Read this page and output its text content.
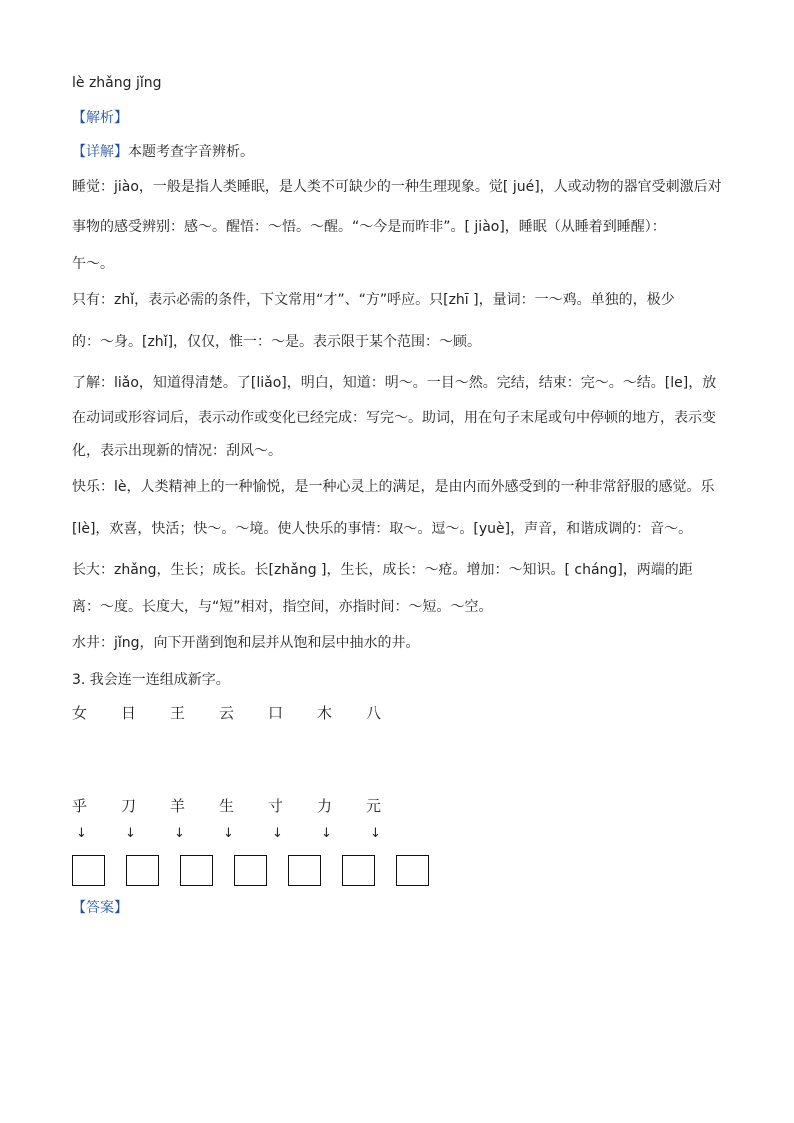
lè zhǎng jǐng
【解析】
【详解】本题考查字音辨析。
睡觉：jiào，一般是指人类睡眠，是人类不可缺少的一种生理现象。觉[ jué]，人或动物的器官受刺激后对
事物的感受辨别：感～。醒悟：～悟。～醒。“～今是而昨非”。[ jiào]，睡眠（从睡着到睡醒）：
午～。
只有：zhǐ，表示必需的条件，下文常用“才”、“方”呼应。只[zhī ]，量词：一～鸡。单独的，极少
的：～身。[zhǐ]，仅仅，惟一：～是。表示限于某个范围：～顾。
了解：liǎo，知道得清楚。了[liǎo]，明白，知道：明～。一目～然。完结，结束：完～。～结。[le]，放
在动词或形容词后，表示动作或变化已经完成：写完～。助词，用在句子末尾或句中停顿的地方，表示变
化，表示出现新的情况：刮风～。
快乐：lè，人类精神上的一种愉悦，是一种心灵上的满足，是由内而外感受到的一种非常舒服的感觉。乐
[lè]，欢喜，快活；快～。～境。使人快乐的事情：取～。逗～。[yuè]，声音，和谐成调的：音～。
长大：zhǎng，生长；成长。长[zhǎng ]，生长，成长：～疮。增加：～知识。[ cháng]，两端的距
离：～度。长度大，与“短”相对，指空间，亦指时间：～短。～空。
水井：jǐng，向下开凿到饱和层并从饱和层中抽水的井。
3. 我会连一连组成新字。
女	日	王	云	口	木	八
乎	刀	羊	生	寸	力	元
↓	↓	↓	↓	↓	↓	↓
【答案】
